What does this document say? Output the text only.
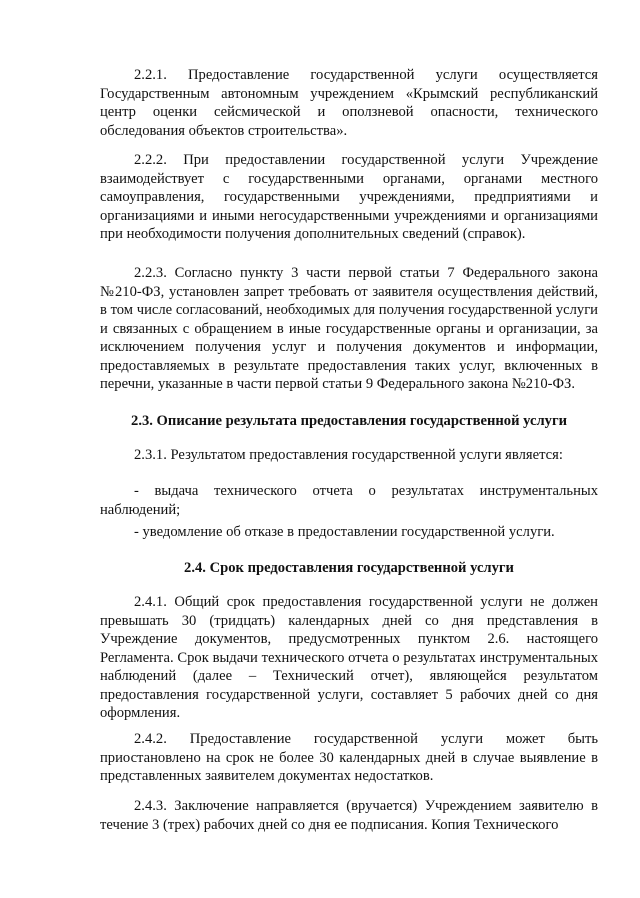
2.2.1. Предоставление государственной услуги осуществляется Государственным автономным учреждением «Крымский республиканский центр оценки сейсмической и оползневой опасности, технического обследования объектов строительства».

2.2.2. При предоставлении государственной услуги Учреждение взаимодействует с государственными органами, органами местного самоуправления, государственными учреждениями, предприятиями и организациями и иными негосударственными учреждениями и организациями при необходимости получения дополнительных сведений (справок).

2.2.3. Согласно пункту 3 части первой статьи 7 Федерального закона №210-ФЗ, установлен запрет требовать от заявителя осуществления действий, в том числе согласований, необходимых для получения государственной услуги и связанных с обращением в иные государственные органы и организации, за исключением получения услуг и получения документов и информации, предоставляемых в результате предоставления таких услуг, включенных в перечни, указанные в части первой статьи 9 Федерального закона №210-ФЗ.

2.3. Описание результата предоставления государственной услуги

2.3.1. Результатом предоставления государственной услуги является:

- выдача технического отчета о результатах инструментальных наблюдений;

- уведомление об отказе в предоставлении государственной услуги.

2.4. Срок предоставления государственной услуги

2.4.1. Общий срок предоставления государственной услуги не должен превышать 30 (тридцать) календарных дней со дня представления в Учреждение документов, предусмотренных пунктом 2.6. настоящего Регламента. Срок выдачи технического отчета о результатах инструментальных наблюдений (далее – Технический отчет), являющейся результатом предоставления государственной услуги, составляет 5 рабочих дней со дня оформления.

2.4.2. Предоставление государственной услуги может быть приостановлено на срок не более 30 календарных дней в случае выявление в представленных заявителем документах недостатков.

2.4.3. Заключение направляется (вручается) Учреждением заявителю в течение 3 (трех) рабочих дней со дня ее подписания. Копия Технического
